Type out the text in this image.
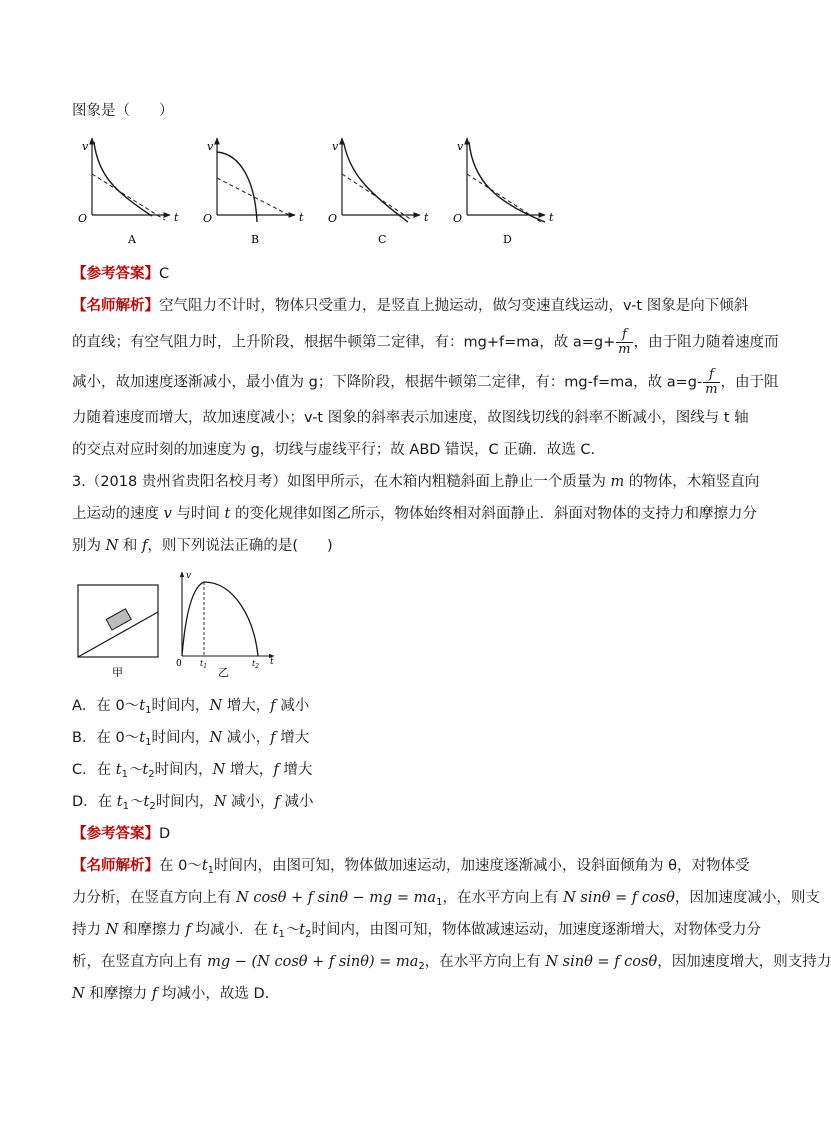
图象是（　　）
v
t
O
A
v
t
O
B
v
t
O
C
v
t
O
D
【参考答案】C
【名师解析】空气阻力不计时，物体只受重力，是竖直上抛运动，做匀变速直线运动，v-t 图象是向下倾斜
的直线；有空气阻力时，上升阶段，根据牛顿第二定律，有：mg+f=ma，故 $a=g+ \frac{f}{m}$ ，由于阻力随着速度而
减小，故加速度逐渐减小，最小值为 g；下降阶段，根据牛顿第二定律，有：mg-f=ma，故 $a=g- \frac{f}{m}$ ，由于阻
力随着速度而增大，故加速度减小；v-t 图象的斜率表示加速度，故图线切线的斜率不断减小，图线与 t 轴
的交点对应时刻的加速度为 g，切线与虚线平行；故 ABD 错误，C 正确．故选 C.
3.（2018 贵州省贵阳名校月考）如图甲所示，在木箱内粗糙斜面上静止一个质量为 m 的物体，木箱竖直向
上运动的速度 v 与时间 t 的变化规律如图乙所示，物体始终相对斜面静止．斜面对物体的支持力和摩擦力分
别为 N 和 f，则下列说法正确的是(　　)
甲
v
t
0 $t_1$	$t_2$
乙
A．在 $0\sim t_1$时间内，N 增大，f 减小
B．在 $0\sim t_1$时间内，N 减小，f 增大
C．在 $t_1\sim t_2$时间内，N 增大，f 增大
D．在 $t_1\sim t_2$时间内，N 减小，f 减小
【参考答案】D
【名师解析】在 $0\sim t_1$时间内，由图可知，物体做加速运动，加速度逐渐减小，设斜面倾角为 θ，对物体受
力分析，在竖直方向上有 N cosθ + f sinθ − mg = $ma_1$，在水平方向上有 N sinθ = f cosθ，因加速度减小，则支
持力 N 和摩擦力 f 均减小．在 $t_1\sim t_2$时间内，由图可知，物体做减速运动，加速度逐渐增大，对物体受力分
析，在竖直方向上有 mg − (N cosθ + f $\sin\theta) = ma_2$，在水平方向上有 N sinθ = f cosθ，因加速度增大，则支持力
N 和摩擦力 f 均减小，故选 D.
